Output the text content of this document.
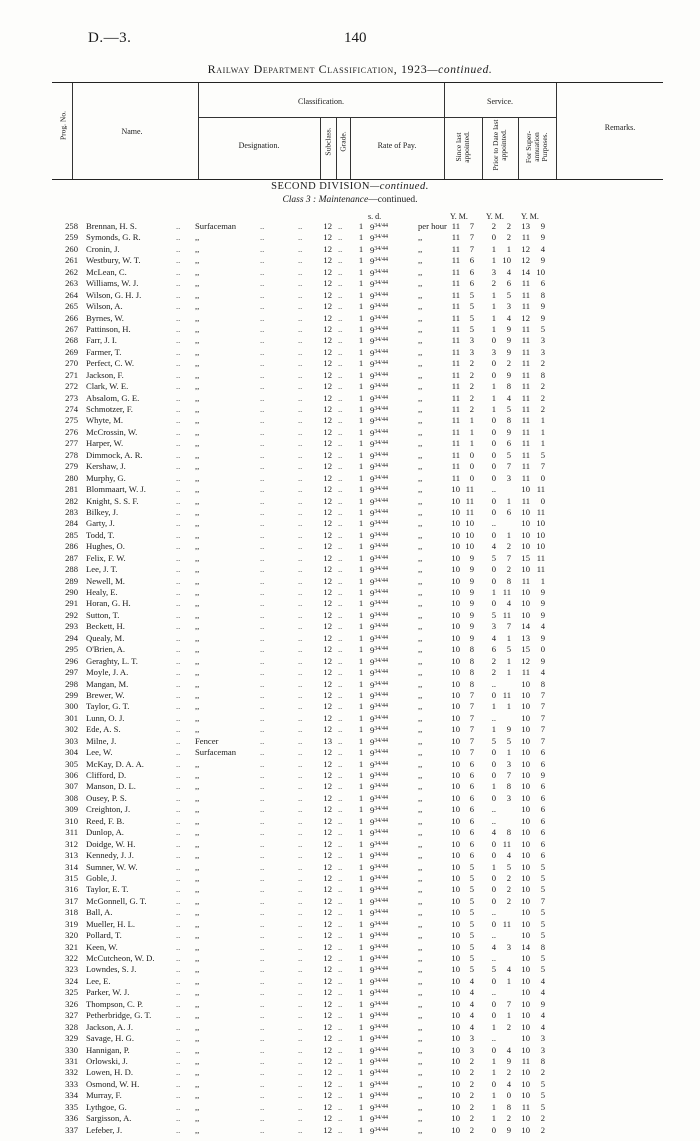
D.—3.	140
Railway Department Classification, 1923—continued.
Prog. No.	Name.
Classification.
Designation.	Subclass. Grade.	Rate of Pay.
Service.
Since last appointed.	Prior to Date last appointed. For Super-annuation Purposes.
Remarks.
SECOND DIVISION—continued.
Class 3 : Maintenance—continued.
s. d.	Y. M. Y. M. Y. M.
258 Brennan, H. S.	.. Surfaceman	..	..	12 ..	1 $9^{34/44}$	per hour 11	7	2	2	13	9
259 Symonds, G. R.	.. ,,	..	..	12 ..	1 $9^{34/44}$	,,	11	7	0	2	11	9
260 Cronin, J.	.. ,,	..	..	12 ..	1 $9^{34/44}$	,,	11	7	1	1	12	4
261 Westbury, W. T.	.. ,,	..	..	12 ..	1 $9^{34/44}$	,,	11	6	1 10	12	9
262 McLean, C.	.. ,,	..	..	12 ..	1 $9^{34/44}$	,,	11	6	3	4	14 10
263 Williams, W. J.	.. ,,	..	..	12 ..	1 $9^{34/44}$	,,	11	6	2	6	11	6
264 Wilson, G. H. J.	.. ,,	..	..	12 ..	1 $9^{34/44}$	,,	11	5	1	5	11	8
265 Wilson, A.	.. ,,	..	..	12 ..	1 $9^{34/44}$	,,	11	5	1	3	11	9
266 Byrnes, W.	.. ,,	..	..	12 ..	1 $9^{34/44}$	,,	11	5	1	4	12	9
267 Pattinson, H.	.. ,,	..	..	12 ..	1 $9^{34/44}$	,,	11	5	1	9	11	5
268 Farr, J. I.	.. ,,	..	..	12 ..	1 $9^{34/44}$	,,	11	3	0	9	11	3
269 Farmer, T.	.. ,,	..	..	12 ..	1 $9^{34/44}$	,,	11	3	3	9	11	3
270 Perfect, C. W.	.. ,,	..	..	12 ..	1 $9^{34/44}$	,,	11	2	0	2	11	2
271 Jackson, F.	.. ,,	..	..	12 ..	1 $9^{34/44}$	,,	11	2	0	9	11	8
272 Clark, W. E.	.. ,,	..	..	12 ..	1 $9^{34/44}$	,,	11	2	1	8	11	2
273 Absalom, G. E.	.. ,,	..	..	12 ..	1 $9^{34/44}$	,,	11	2	1	4	11	2
274 Schmotzer, F.	.. ,,	..	..	12 ..	1 $9^{34/44}$	,,	11	2	1	5	11	2
275 Whyte, M.	.. ,,	..	..	12 ..	1 $9^{34/44}$	,,	11	1	0	8	11	1
276 McCrossin, W.	.. ,,	..	..	12 ..	1 $9^{34/44}$	,,	11	1	0	9	11	1
277 Harper, W.	.. ,,	..	..	12 ..	1 $9^{34/44}$	,,	11	1	0	6	11	1
278 Dimmock, A. R.	.. ,,	..	..	12 ..	1 $9^{34/44}$	,,	11	0	0	5	11	5
279 Kershaw, J.	.. ,,	..	..	12 ..	1 $9^{34/44}$	,,	11	0	0	7	11	7
280 Murphy, G.	.. ,,	..	..	12 ..	1 $9^{34/44}$	,,	11	0	0	3	11	0
281 Blommaart, W. J.	.. ,,	..	..	12 ..	1 $9^{34/44}$	,,	10 11	..	10 11
282 Knight, S. S. F.	.. ,,	..	..	12 ..	1 $9^{34/44}$	,,	10 11	0	1	11	0
283 Bilkey, J.	.. ,,	..	..	12 ..	1 $9^{34/44}$	,,	10 11	0	6	10 11
284 Garty, J.	.. ,,	..	..	12 ..	1 $9^{34/44}$	,,	10 10	..	10 10
285 Todd, T.	.. ,,	..	..	12 ..	1 $9^{34/44}$	,,	10 10	0	1	10 10
286 Hughes, O.	.. ,,	..	..	12 ..	1 $9^{34/44}$	,,	10 10	4	2	10 10
287 Felix, F. W.	.. ,,	..	..	12 ..	1 $9^{34/44}$	,,	10	9	5	7	15 11
288 Lee, J. T.	.. ,,	..	..	12 ..	1 $9^{34/44}$	,,	10	9	0	2	10 11
289 Newell, M.	.. ,,	..	..	12 ..	1 $9^{34/44}$	,,	10	9	0	8	11	1
290 Healy, E.	.. ,,	..	..	12 ..	1 $9^{34/44}$	,,	10	9	1 11	10	9
291 Horan, G. H.	.. ,,	..	..	12 ..	1 $9^{34/44}$	,,	10	9	0	4	10	9
292 Sutton, T.	.. ,,	..	..	12 ..	1 $9^{34/44}$	,,	10	9	5 11	10	9
293 Beckett, H.	.. ,,	..	..	12 ..	1 $9^{34/44}$	,,	10	9	3	7	14	4
294 Quealy, M.	.. ,,	..	..	12 ..	1 $9^{34/44}$	,,	10	9	4	1	13	9
295 O'Brien, A.	.. ,,	..	..	12 ..	1 $9^{34/44}$	,,	10	8	6	5	15	0
296 Geraghty, L. T.	.. ,,	..	..	12 ..	1 $9^{34/44}$	,,	10	8	2	1	12	9
297 Moyle, J. A.	.. ,,	..	..	12 ..	1 $9^{34/44}$	,,	10	8	2	1	11	4
298 Mangan, M.	.. ,,	..	..	12 ..	1 $9^{34/44}$	,,	10	8	..	10	8
299 Brewer, W.	.. ,,	..	..	12 ..	1 $9^{34/44}$	,,	10	7	0 11	10	7
300 Taylor, G. T.	.. ,,	..	..	12 ..	1 $9^{34/44}$	,,	10	7	1	1	10	7
301 Lunn, O. J.	.. ,,	..	..	12 ..	1 $9^{34/44}$	,,	10	7	..	10	7
302 Ede, A. S.	.. ,,	..	..	12 ..	1 $9^{34/44}$	,,	10	7	1	9	10	7
303 Milne, J.	.. Fencer	..	..	13 ..	1 $9^{34/44}$	,,	10	7	5	5	10	7
304 Lee, W.	.. Surfaceman	..	..	12 ..	1 $9^{34/44}$	,,	10	7	0	1	10	6
305 McKay, D. A. A.	.. ,,	..	..	12 ..	1 $9^{34/44}$	,,	10	6	0	3	10	6
306 Clifford, D.	.. ,,	..	..	12 ..	1 $9^{34/44}$	,,	10	6	0	7	10	9
307 Manson, D. L.	.. ,,	..	..	12 ..	1 $9^{34/44}$	,,	10	6	1	8	10	6
308 Ousey, P. S.	.. ,,	..	..	12 ..	1 $9^{34/44}$	,,	10	6	0	3	10	6
309 Creighton, J.	.. ,,	..	..	12 ..	1 $9^{34/44}$	,,	10	6	..	10	6
310 Reed, F. B.	.. ,,	..	..	12 ..	1 $9^{34/44}$	,,	10	6	..	10	6
311 Dunlop, A.	.. ,,	..	..	12 ..	1 $9^{34/44}$	,,	10	6	4	8	10	6
312 Doidge, W. H.	.. ,,	..	..	12 ..	1 $9^{34/44}$	,,	10	6	0 11	10	6
313 Kennedy, J. J.	.. ,,	..	..	12 ..	1 $9^{34/44}$	,,	10	6	0	4	10	6
314 Sumner, W. W.	.. ,,	..	..	12 ..	1 $9^{34/44}$	,,	10	5	1	5	10	5
315 Goble, J.	.. ,,	..	..	12 ..	1 $9^{34/44}$	,,	10	5	0	2	10	5
316 Taylor, E. T.	.. ,,	..	..	12 ..	1 $9^{34/44}$	,,	10	5	0	2	10	5
317 McGonnell, G. T.	.. ,,	..	..	12 ..	1 $9^{34/44}$	,,	10	5	0	2	10	7
318 Ball, A.	.. ,,	..	..	12 ..	1 $9^{34/44}$	,,	10	5	..	10	5
319 Mueller, H. L.	.. ,,	..	..	12 ..	1 $9^{34/44}$	,,	10	5	0 11	10	5
320 Pollard, T.	.. ,,	..	..	12 ..	1 $9^{34/44}$	,,	10	5	..	10	5
321 Keen, W.	.. ,,	..	..	12 ..	1 $9^{34/44}$	,,	10	5	4	3	14	8
322 McCutcheon, W. D. .. ,,	..	..	12 ..	1 $9^{34/44}$	,,	10	5	..	10	5
323 Lowndes, S. J.	.. ,,	..	..	12 ..	1 $9^{34/44}$	,,	10	5	5	4	10	5
324 Lee, E.	.. ,,	..	..	12 ..	1 $9^{34/44}$	,,	10	4	0	1	10	4
325 Parker, W. J.	.. ,,	..	..	12 ..	1 $9^{34/44}$	,,	10	4	..	10	4
326 Thompson, C. P.	.. ,,	..	..	12 ..	1 $9^{34/44}$	,,	10	4	0	7	10	9
327 Petherbridge, G. T.	.. ,,	..	..	12 ..	1 $9^{34/44}$	,,	10	4	0	1	10	4
328 Jackson, A. J.	.. ,,	..	..	12 ..	1 $9^{34/44}$	,,	10	4	1	2	10	4
329 Savage, H. G.	.. ,,	..	..	12 ..	1 $9^{34/44}$	,,	10	3	..	10	3
330 Hannigan, P.	.. ,,	..	..	12 ..	1 $9^{34/44}$	,,	10	3	0	4	10	3
331 Orlowski, J.	.. ,,	..	..	12 ..	1 $9^{34/44}$	,,	10	2	1	9	11	8
332 Lowen, H. D.	.. ,,	..	..	12 ..	1 $9^{34/44}$	,,	10	2	1	2	10	2
333 Osmond, W. H.	.. ,,	..	..	12 ..	1 $9^{34/44}$	,,	10	2	0	4	10	5
334 Murray, F.	.. ,,	..	..	12 ..	1 $9^{34/44}$	,,	10	2	1	0	10	5
335 Lythgoe, G.	.. ,,	..	..	12 ..	1 $9^{34/44}$	,,	10	2	1	8	11	5
336 Sargisson, A.	.. ,,	..	..	12 ..	1 $9^{34/44}$	,,	10	2	1	2	10	2
337 Lefeber, J.	.. ,,	..	..	12 ..	1 $9^{34/44}$	,,	10	2	0	9	10	2
